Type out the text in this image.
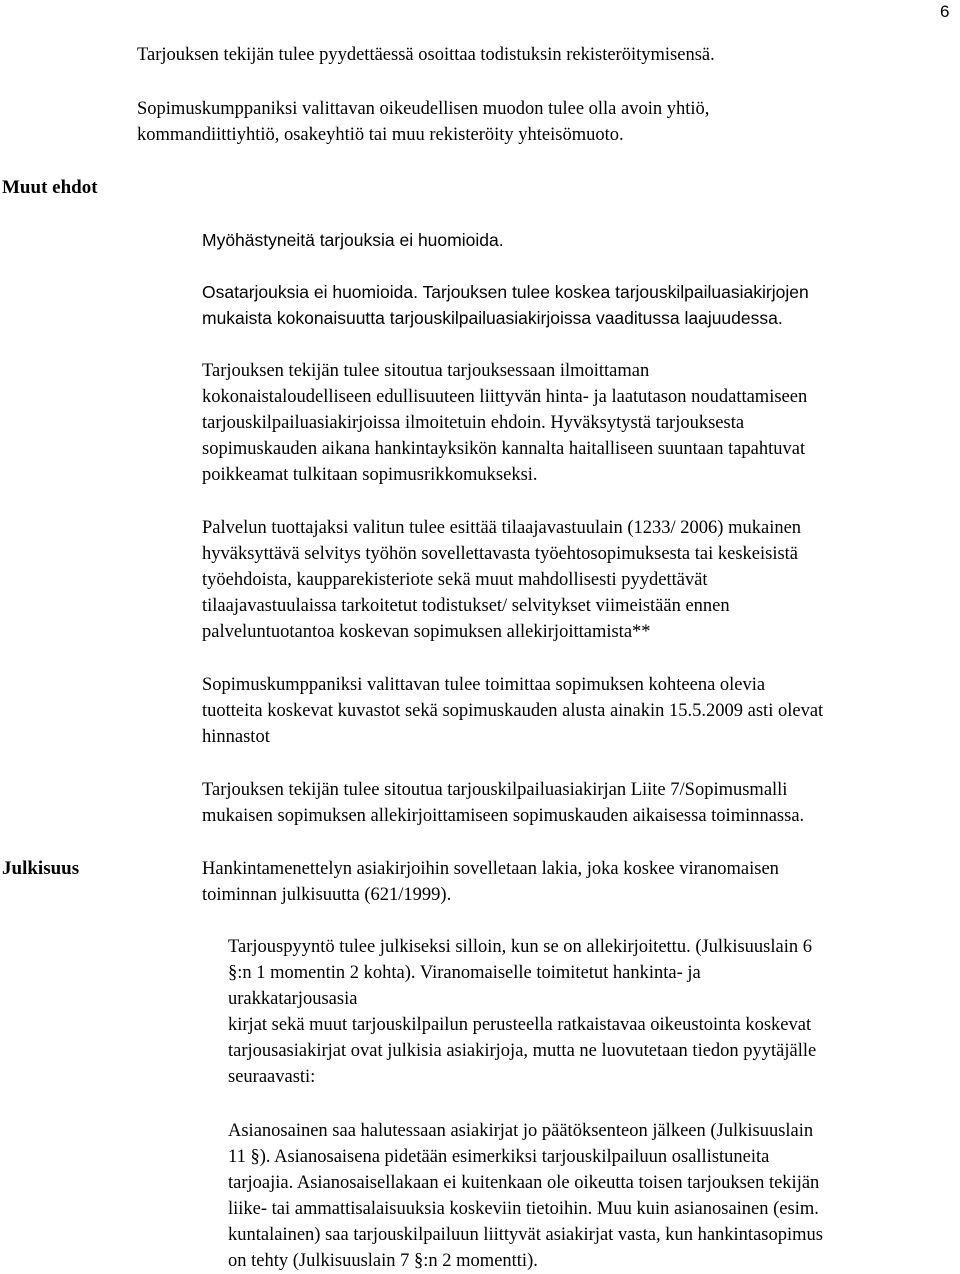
6
Tarjouksen tekijän tulee pyydettäessä osoittaa todistuksin rekisteröitymisensä.
Sopimuskumppaniksi valittavan oikeudellisen muodon tulee olla avoin yhtiö,
kommandiittiyhtiö, osakeyhtiö tai muu rekisteröity yhteisömuoto.
Muut ehdot
Myöhästyneitä tarjouksia ei huomioida.
Osatarjouksia ei huomioida. Tarjouksen tulee koskea tarjouskilpailuasiakirjojen
mukaista kokonaisuutta tarjouskilpailuasiakirjoissa vaaditussa laajuudessa.
Tarjouksen tekijän tulee sitoutua tarjouksessaan ilmoittaman
kokonaistaloudelliseen edullisuuteen liittyvän hinta- ja laatutason noudattamiseen
tarjouskilpailuasiakirjoissa ilmoitetuin ehdoin. Hyväksytystä tarjouksesta
sopimuskauden aikana hankintayksikön kannalta haitalliseen suuntaan tapahtuvat
poikkeamat tulkitaan sopimusrikkomukseksi.
Palvelun tuottajaksi valitun tulee esittää tilaajavastuulain (1233/ 2006) mukainen
hyväksyttävä selvitys työhön sovellettavasta työehtosopimuksesta tai keskeisistä
työehdoista, kaupparekisteriote sekä muut mahdollisesti pyydettävät
tilaajavastuulaissa tarkoitetut todistukset/ selvitykset viimeistään ennen
palveluntuotantoa koskevan sopimuksen allekirjoittamista**
Sopimuskumppaniksi valittavan tulee toimittaa sopimuksen kohteena olevia
tuotteita koskevat kuvastot sekä sopimuskauden alusta ainakin 15.5.2009 asti olevat
hinnastot
Tarjouksen tekijän tulee sitoutua tarjouskilpailuasiakirjan Liite 7/Sopimusmalli
mukaisen sopimuksen allekirjoittamiseen sopimuskauden aikaisessa toiminnassa.
Julkisuus	Hankintamenettelyn asiakirjoihin sovelletaan lakia, joka koskee viranomaisen
toiminnan julkisuutta (621/1999).
Tarjouspyyntö tulee julkiseksi silloin, kun se on allekirjoitettu. (Julkisuuslain 6
§:n 1 momentin 2 kohta). Viranomaiselle toimitetut hankinta- ja
urakkatarjousasia
kirjat sekä muut tarjouskilpailun perusteella ratkaistavaa oikeustointa koskevat
tarjousasiakirjat ovat julkisia asiakirjoja, mutta ne luovutetaan tiedon pyytäjälle
seuraavasti:
Asianosainen saa halutessaan asiakirjat jo päätöksenteon jälkeen (Julkisuuslain
11 §). Asianosaisena pidetään esimerkiksi tarjouskilpailuun osallistuneita
tarjoajia. Asianosaisellakaan ei kuitenkaan ole oikeutta toisen tarjouksen tekijän
liike- tai ammattisalaisuuksia koskeviin tietoihin. Muu kuin asianosainen (esim.
kuntalainen) saa tarjouskilpailuun liittyvät asiakirjat vasta, kun hankintasopimus
on tehty (Julkisuuslain 7 §:n 2 momentti).
